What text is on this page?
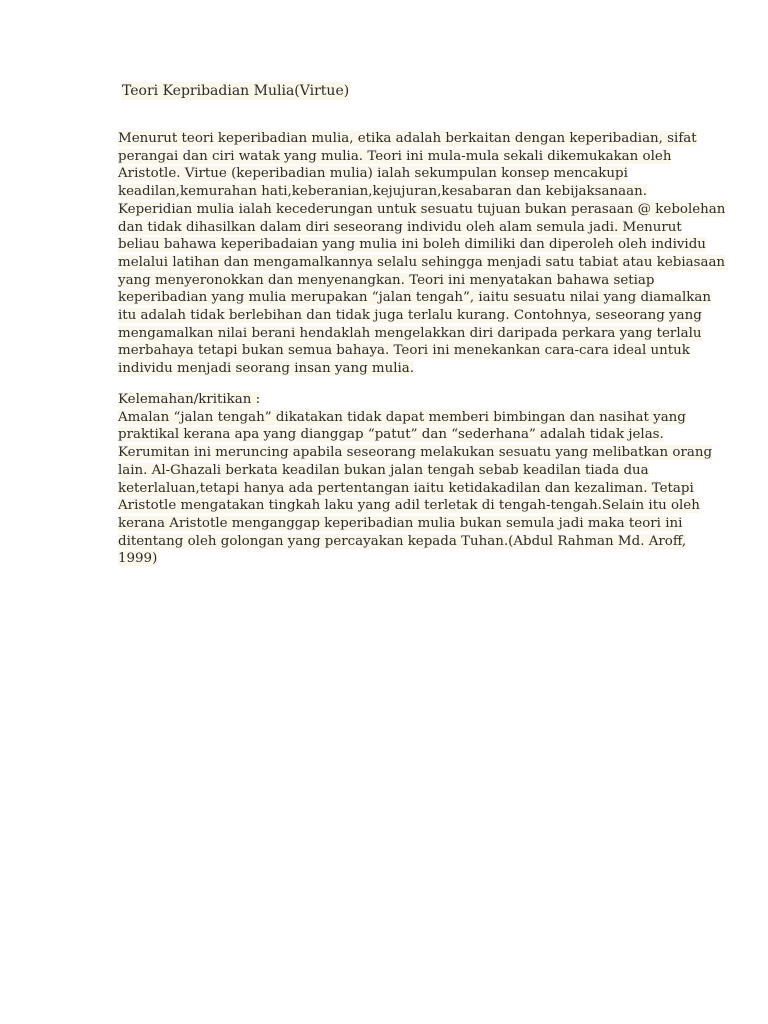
Teori Kepribadian Mulia(Virtue)
Menurut teori keperibadian mulia, etika adalah berkaitan dengan keperibadian, sifat
perangai dan ciri watak yang mulia. Teori ini mula-mula sekali dikemukakan oleh
Aristotle. Virtue (keperibadian mulia) ialah sekumpulan konsep mencakupi
keadilan,kemurahan hati,keberanian,kejujuran,kesabaran dan kebijaksanaan.
Keperidian mulia ialah kecederungan untuk sesuatu tujuan bukan perasaan @ kebolehan
dan tidak dihasilkan dalam diri seseorang individu oleh alam semula jadi. Menurut
beliau bahawa keperibadaian yang mulia ini boleh dimiliki dan diperoleh oleh individu
melalui latihan dan mengamalkannya selalu sehingga menjadi satu tabiat atau kebiasaan
yang menyeronokkan dan menyenangkan. Teori ini menyatakan bahawa setiap
keperibadian yang mulia merupakan “jalan tengah”, iaitu sesuatu nilai yang diamalkan
itu adalah tidak berlebihan dan tidak juga terlalu kurang. Contohnya, seseorang yang
mengamalkan nilai berani hendaklah mengelakkan diri daripada perkara yang terlalu
merbahaya tetapi bukan semua bahaya. Teori ini menekankan cara-cara ideal untuk
individu menjadi seorang insan yang mulia.
Kelemahan/kritikan :
Amalan “jalan tengah” dikatakan tidak dapat memberi bimbingan dan nasihat yang
praktikal kerana apa yang dianggap “patut” dan “sederhana” adalah tidak jelas.
Kerumitan ini meruncing apabila seseorang melakukan sesuatu yang melibatkan orang
lain. Al-Ghazali berkata keadilan bukan jalan tengah sebab keadilan tiada dua
keterlaluan,tetapi hanya ada pertentangan iaitu ketidakadilan dan kezaliman. Tetapi
Aristotle mengatakan tingkah laku yang adil terletak di tengah-tengah.Selain itu oleh
kerana Aristotle menganggap keperibadian mulia bukan semula jadi maka teori ini
ditentang oleh golongan yang percayakan kepada Tuhan.(Abdul Rahman Md. Aroff,
1999)
